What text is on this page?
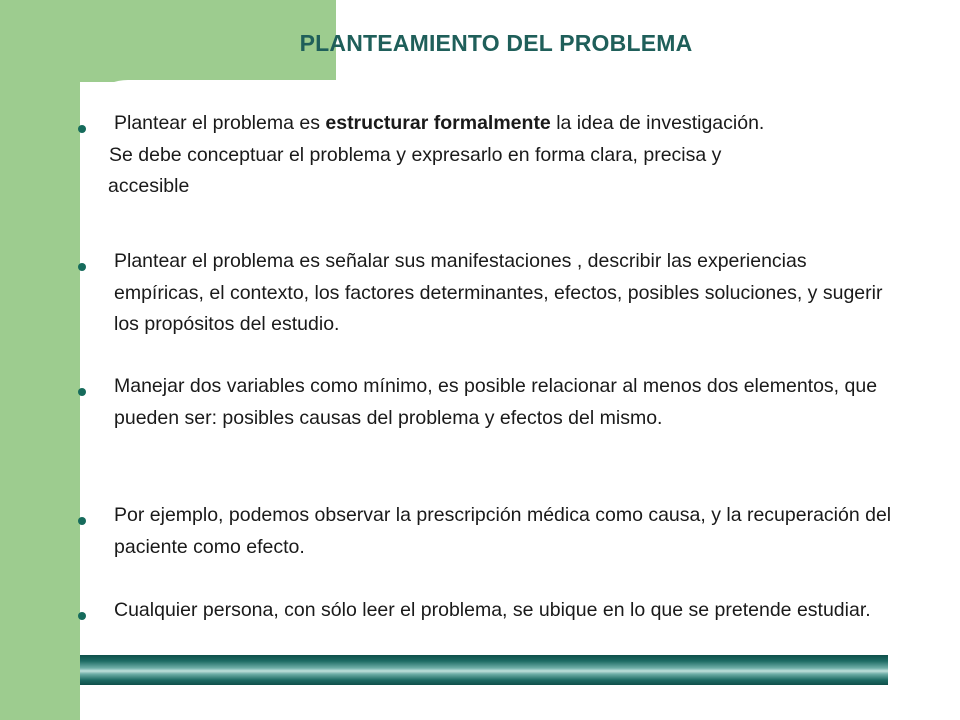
PLANTEAMIENTO DEL PROBLEMA
Plantear el problema es estructurar formalmente la idea de investigación.
Se debe conceptuar el problema y expresarlo en forma clara, precisa y
accesible
Plantear el problema es señalar sus manifestaciones , describir las experiencias empíricas, el contexto, los factores determinantes, efectos, posibles soluciones, y sugerir los propósitos del estudio.
Manejar dos variables como mínimo, es posible relacionar al menos dos elementos, que pueden ser: posibles causas del problema y efectos del mismo.
Por ejemplo, podemos observar la prescripción médica como causa, y la recuperación del paciente como efecto.
Cualquier persona, con sólo leer el problema, se ubique en lo que se pretende estudiar.
